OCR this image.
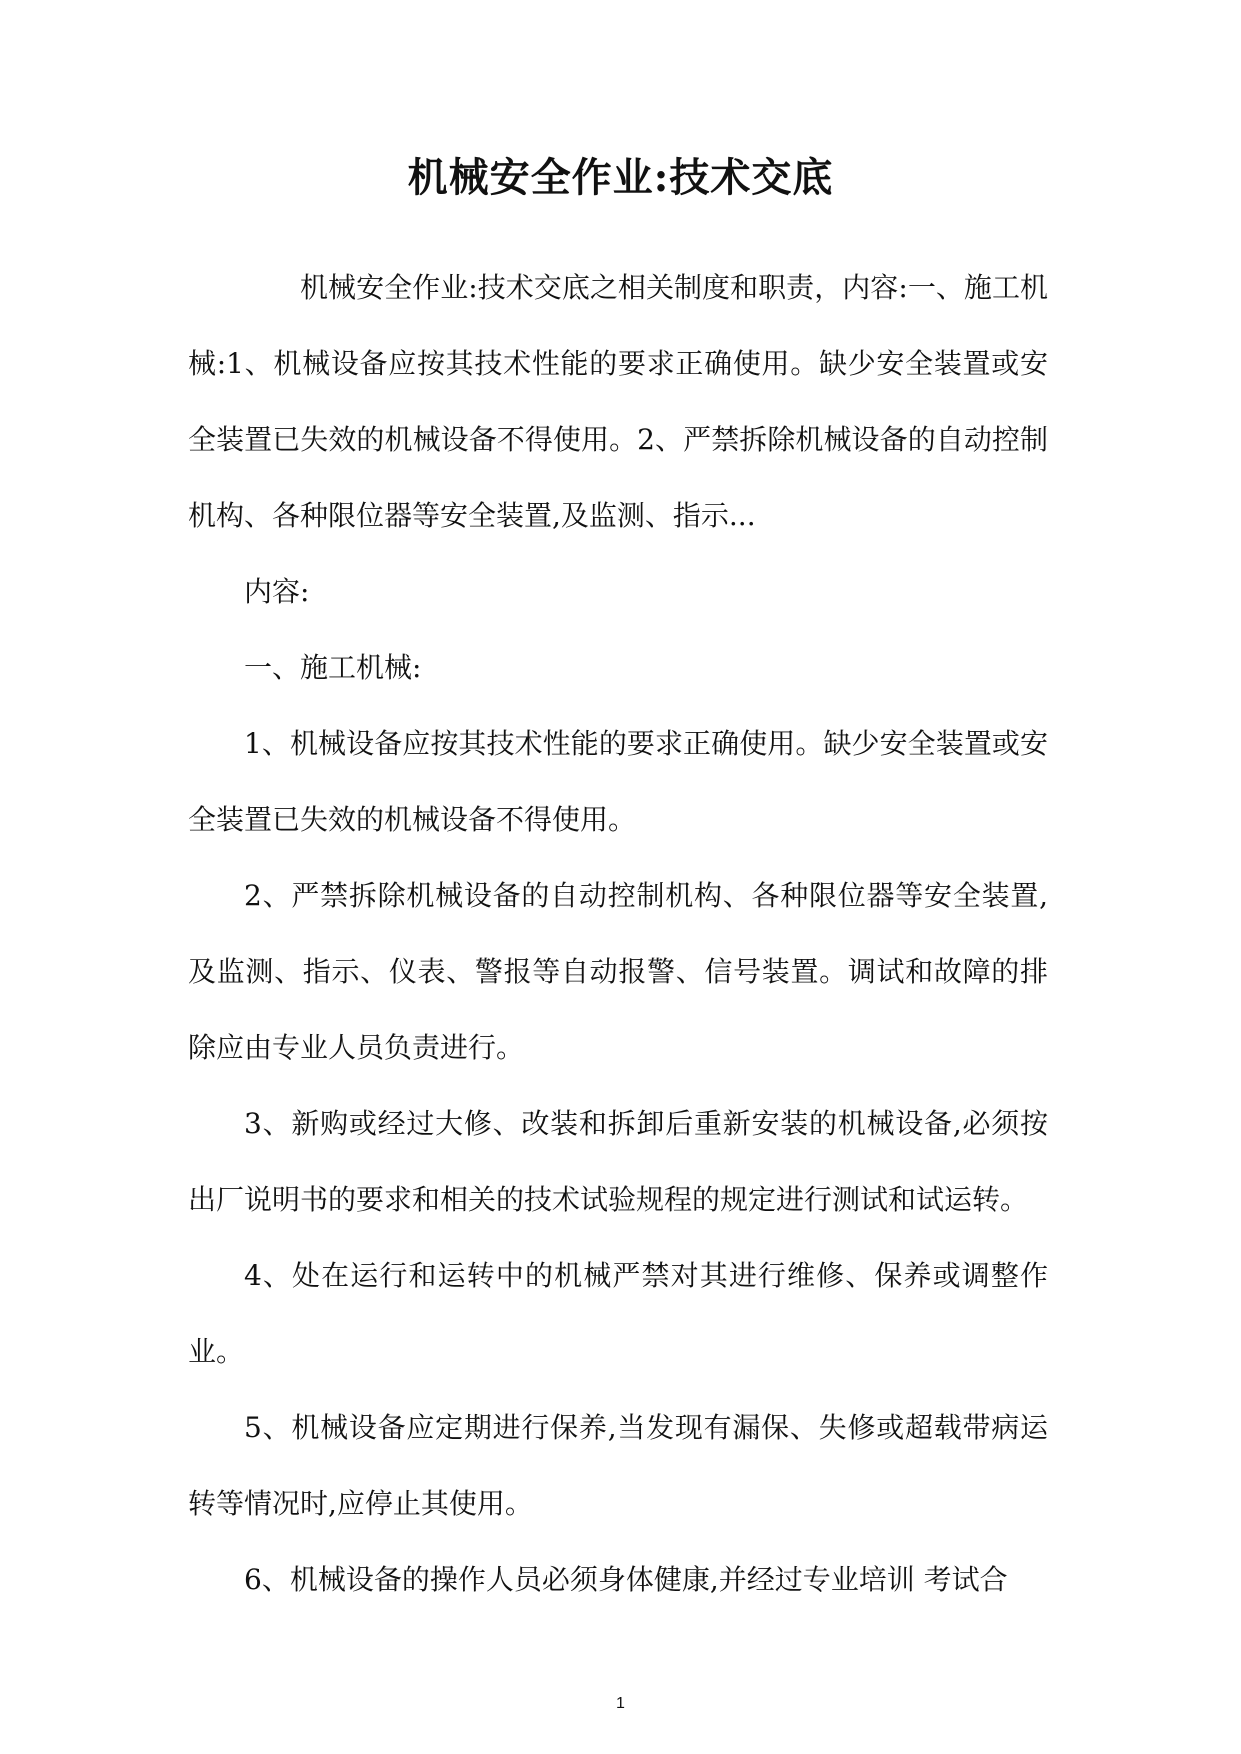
机械安全作业:技术交底

机械安全作业:技术交底之相关制度和职责，内容:一、施工机械:1、机械设备应按其技术性能的要求正确使用。缺少安全装置或安全装置已失效的机械设备不得使用。2、严禁拆除机械设备的自动控制机构、各种限位器等安全装置,及监测、指示...

内容:

一、施工机械:

1、机械设备应按其技术性能的要求正确使用。缺少安全装置或安全装置已失效的机械设备不得使用。

2、严禁拆除机械设备的自动控制机构、各种限位器等安全装置,及监测、指示、仪表、警报等自动报警、信号装置。调试和故障的排除应由专业人员负责进行。

3、新购或经过大修、改装和拆卸后重新安装的机械设备,必须按出厂说明书的要求和相关的技术试验规程的规定进行测试和试运转。

4、处在运行和运转中的机械严禁对其进行维修、保养或调整作业。

5、机械设备应定期进行保养,当发现有漏保、失修或超载带病运转等情况时,应停止其使用。

6、机械设备的操作人员必须身体健康,并经过专业培训 考试合

1
